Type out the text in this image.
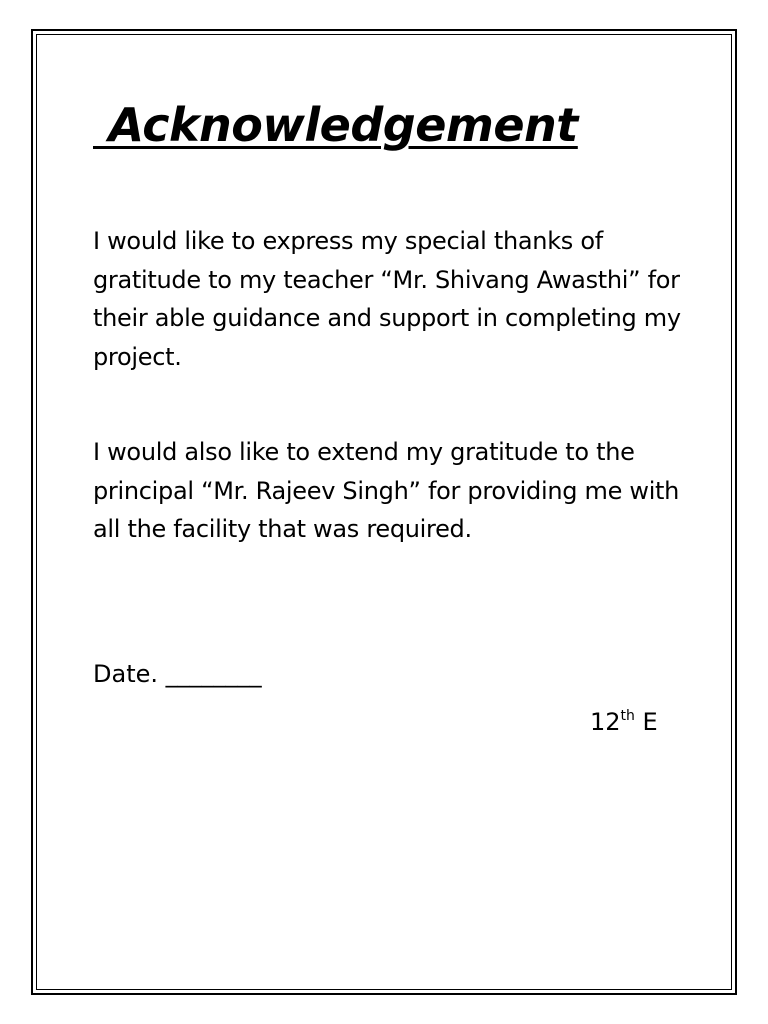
Acknowledgement

I would like to express my special thanks of gratitude to my teacher “Mr. Shivang Awasthi” for their able guidance and support in completing my project.

I would also like to extend my gratitude to the principal “Mr. Rajeev Singh” for providing me with all the facility that was required.

Date. ________

12th E
